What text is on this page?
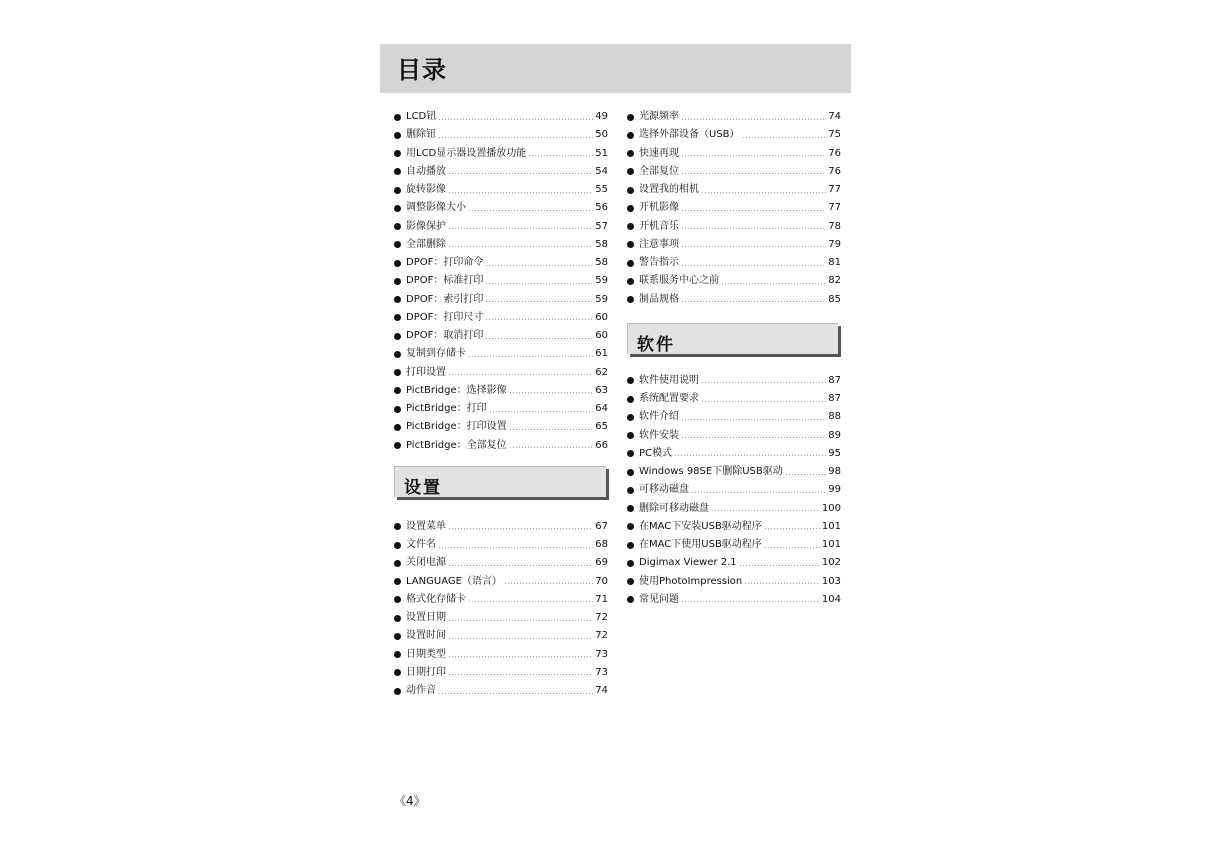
目录
LCD钮	49
删除钮	50
用LCD显示器设置播放功能	51
自动播放	54
旋转影像	55
调整影像大小	56
影像保护	57
全部删除	58
DPOF：打印命令	58
DPOF：标准打印	59
DPOF：索引打印	59
DPOF：打印尺寸	60
DPOF：取消打印	60
复制到存储卡	61
打印设置	62
PictBridge：选择影像	63
PictBridge：打印	64
PictBridge：打印设置	65
PictBridge：全部复位	66
设置
设置菜单	67
文件名	68
关闭电源	69
LANGUAGE（语言）	70
格式化存储卡	71
设置日期	72
设置时间	72
日期类型	73
日期打印	73
动作音	74
光源频率	74
选择外部设备（USB）	75
快速再现	76
全部复位	76
设置我的相机	77
开机影像	77
开机音乐	78
注意事项	79
警告指示	81
联系服务中心之前	82
制品规格	85
软件
软件使用说明	87
系统配置要求	87
软件介绍	88
软件安装	89
PC模式	95
Windows 98SE下删除USB驱动	98
可移动磁盘	99
删除可移动磁盘	100
在MAC下安装USB驱动程序	101
在MAC下使用USB驱动程序	101
Digimax Viewer 2.1	102
使用PhotoImpression	103
常见问题	104
《4》
